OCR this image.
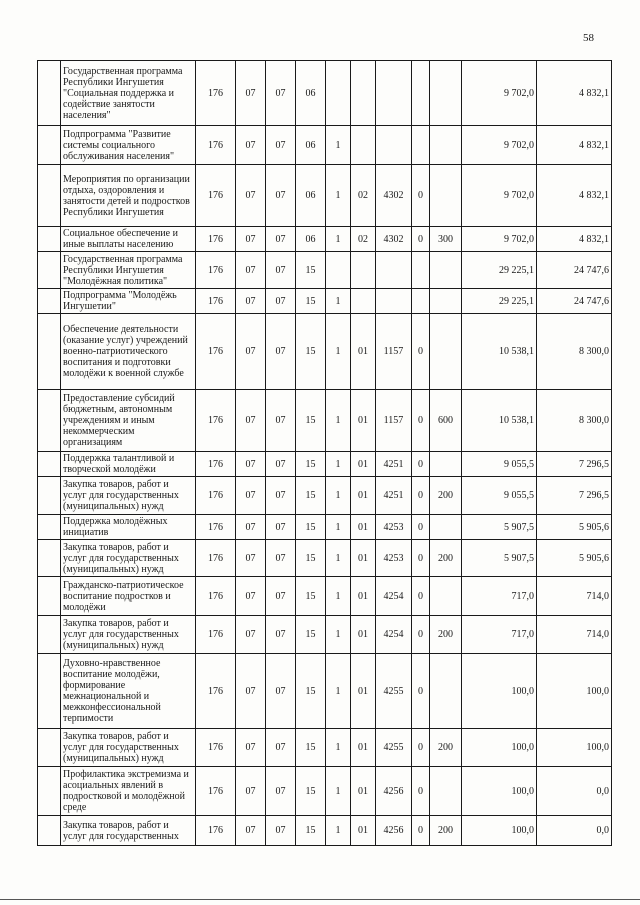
58
	Государственная программа Республики Ингушетия "Социальная поддержка и содействие занятости населения"	176	07	07	06						9 702,0	4 832,1
	Подпрограмма "Развитие системы социального обслуживания населения"	176	07	07	06	1					9 702,0	4 832,1
	Мероприятия по организации отдыха, оздоровления и занятости детей и подростков Республики Ингушетия	176	07	07	06	1	02	4302	0		9 702,0	4 832,1
	Социальное обеспечение и иные выплаты населению	176	07	07	06	1	02	4302	0	300	9 702,0	4 832,1
	Государственная программа Республики Ингушетия "Молодёжная политика"	176	07	07	15						29 225,1	24 747,6
	Подпрограмма "Молодёжь Ингушетии"	176	07	07	15	1					29 225,1	24 747,6
	Обеспечение деятельности (оказание услуг) учреждений военно-патриотического воспитания и подготовки молодёжи к военной службе	176	07	07	15	1	01	1157	0		10 538,1	8 300,0
	Предоставление субсидий бюджетным, автономным учреждениям и иным некоммерческим организациям	176	07	07	15	1	01	1157	0	600	10 538,1	8 300,0
	Поддержка талантливой и творческой молодёжи	176	07	07	15	1	01	4251	0		9 055,5	7 296,5
	Закупка товаров, работ и услуг для государственных (муниципальных) нужд	176	07	07	15	1	01	4251	0	200	9 055,5	7 296,5
	Поддержка молодёжных инициатив	176	07	07	15	1	01	4253	0		5 907,5	5 905,6
	Закупка товаров, работ и услуг для государственных (муниципальных) нужд	176	07	07	15	1	01	4253	0	200	5 907,5	5 905,6
	Гражданско-патриотическое воспитание подростков и молодёжи	176	07	07	15	1	01	4254	0		717,0	714,0
	Закупка товаров, работ и услуг для государственных (муниципальных) нужд	176	07	07	15	1	01	4254	0	200	717,0	714,0
	Духовно-нравственное воспитание молодёжи, формирование межнациональной и межконфессиональной терпимости	176	07	07	15	1	01	4255	0		100,0	100,0
	Закупка товаров, работ и услуг для государственных (муниципальных) нужд	176	07	07	15	1	01	4255	0	200	100,0	100,0
	Профилактика экстремизма и асоциальных явлений в подростковой и молодёжной среде	176	07	07	15	1	01	4256	0		100,0	0,0
	Закупка товаров, работ и услуг для государственных	176	07	07	15	1	01	4256	0	200	100,0	0,0
